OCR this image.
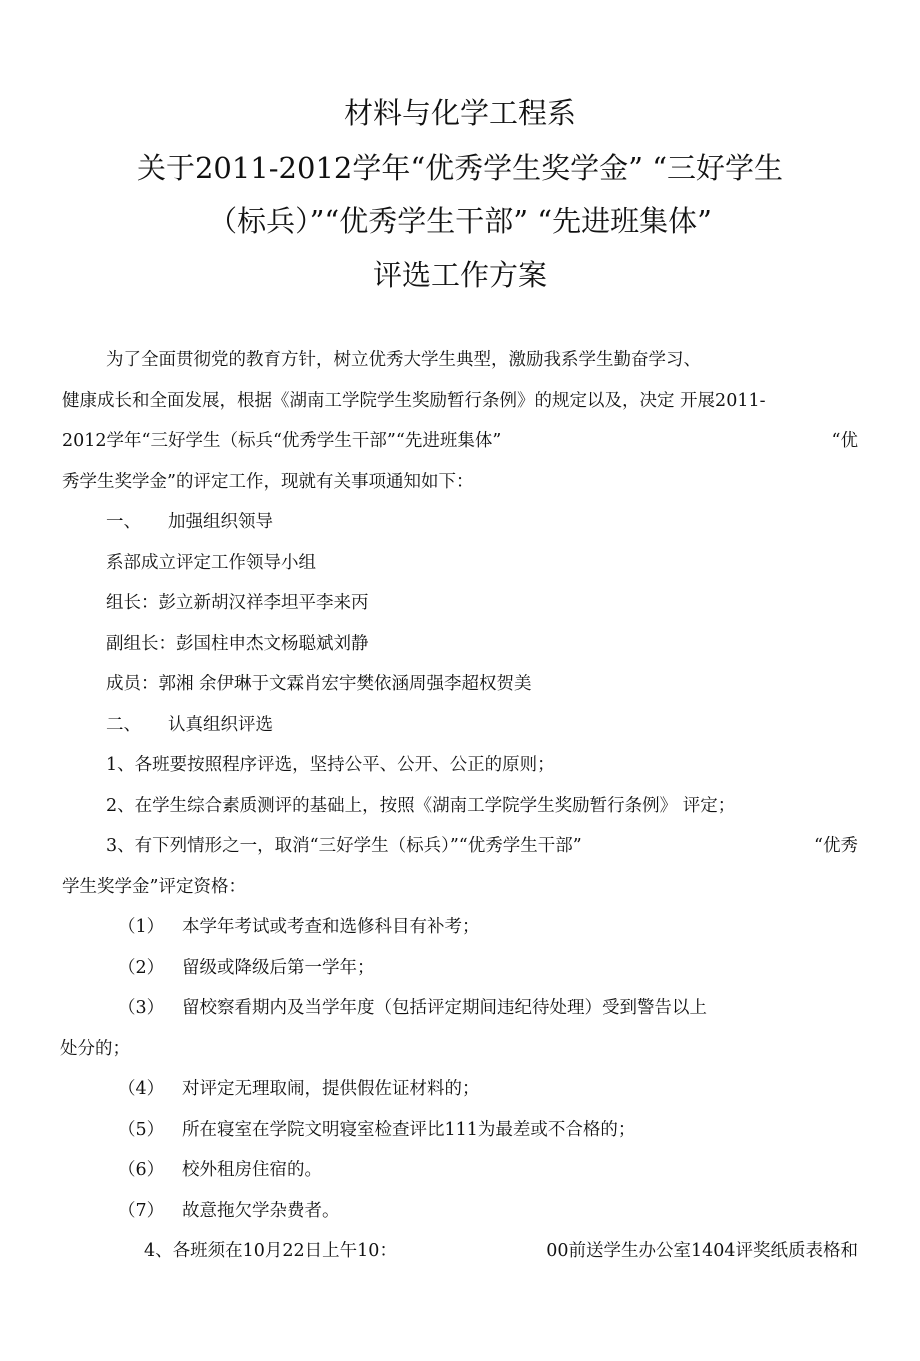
材料与化学工程系
关于2011-2012学年“优秀学生奖学金” “三好学生
（标兵）”“优秀学生干部” “先进班集体”
评选工作方案
为了全面贯彻党的教育方针，树立优秀大学生典型，激励我系学生勤奋学习、
健康成长和全面发展，根据《湖南工学院学生奖励暂行条例》的规定以及，决定 开展2011-
2012学年“三好学生（标兵“优秀学生干部”“先进班集体”	“优
秀学生奖学金”的评定工作，现就有关事项通知如下：
一、	加强组织领导
系部成立评定工作领导小组
组长：彭立新胡汉祥李坦平李来丙
副组长：彭国柱申杰文杨聪斌刘静
成员：郭湘 余伊琳于文霖肖宏宇樊依涵周强李超权贺美
二、	认真组织评选
1、各班要按照程序评选，坚持公平、公开、公正的原则；
2、在学生综合素质测评的基础上，按照《湖南工学院学生奖励暂行条例》 评定；
3、有下列情形之一，取消“三好学生（标兵）”“优秀学生干部”	“优秀
学生奖学金”评定资格：
（1）	本学年考试或考查和选修科目有补考；
（2）	留级或降级后第一学年；
（3）	留校察看期内及当学年度（包括评定期间违纪待处理）受到警告以上
处分的；
（4）	对评定无理取闹，提供假佐证材料的；
（5）	所在寝室在学院文明寝室检查评比111为最差或不合格的；
（6）	校外租房住宿的。
（7）	故意拖欠学杂费者。
4、各班须在10月22日上午10：	00前送学生办公室1404评奖纸质表格和
